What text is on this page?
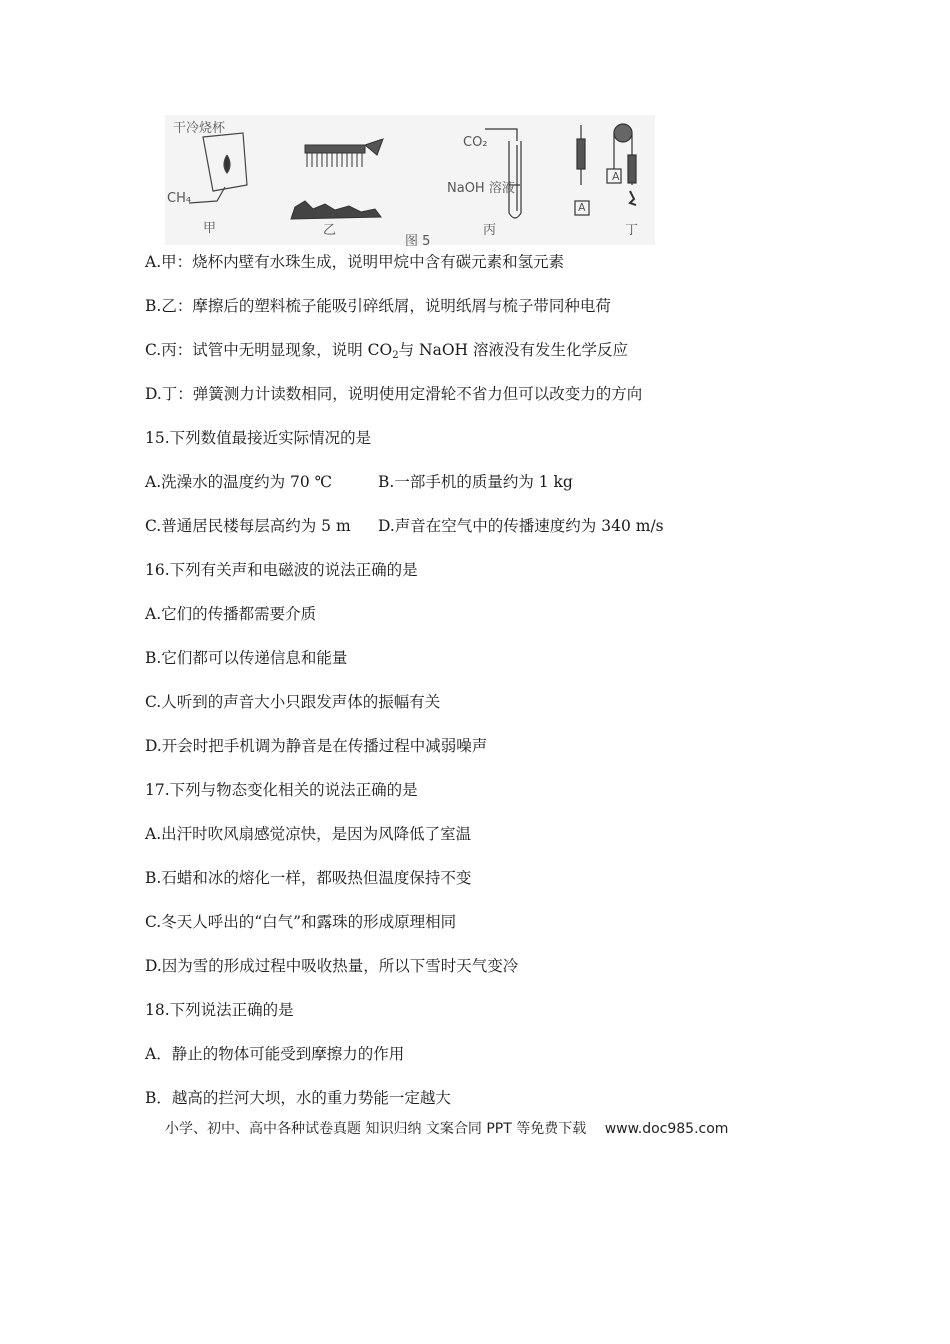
干冷烧杯
CH₄
CO₂
NaOH 溶液
A
A
甲	乙
图 5
丙	丁
A.甲：烧杯内壁有水珠生成，说明甲烷中含有碳元素和氢元素
B.乙：摩擦后的塑料梳子能吸引碎纸屑，说明纸屑与梳子带同种电荷
C.丙：试管中无明显现象，说明 $CO_2$与 NaOH 溶液没有发生化学反应
D.丁：弹簧测力计读数相同，说明使用定滑轮不省力但可以改变力的方向
15.下列数值最接近实际情况的是
A.洗澡水的温度约为 70 ℃	B.一部手机的质量约为 1 kg
C.普通居民楼每层高约为 5 m D.声音在空气中的传播速度约为 340 m/s
16.下列有关声和电磁波的说法正确的是
A.它们的传播都需要介质
B.它们都可以传递信息和能量
C.人听到的声音大小只跟发声体的振幅有关
D.开会时把手机调为静音是在传播过程中减弱噪声
17.下列与物态变化相关的说法正确的是
A.出汗时吹风扇感觉凉快，是因为风降低了室温
B.石蜡和冰的熔化一样，都吸热但温度保持不变
C.冬天人呼出的“白气”和露珠的形成原理相同
D.因为雪的形成过程中吸收热量，所以下雪时天气变冷
18.下列说法正确的是
A．静止的物体可能受到摩擦力的作用
B．越高的拦河大坝，水的重力势能一定越大
小学、初中、高中各种试卷真题 知识归纳 文案合同 PPT 等免费下载 www.doc985.com
